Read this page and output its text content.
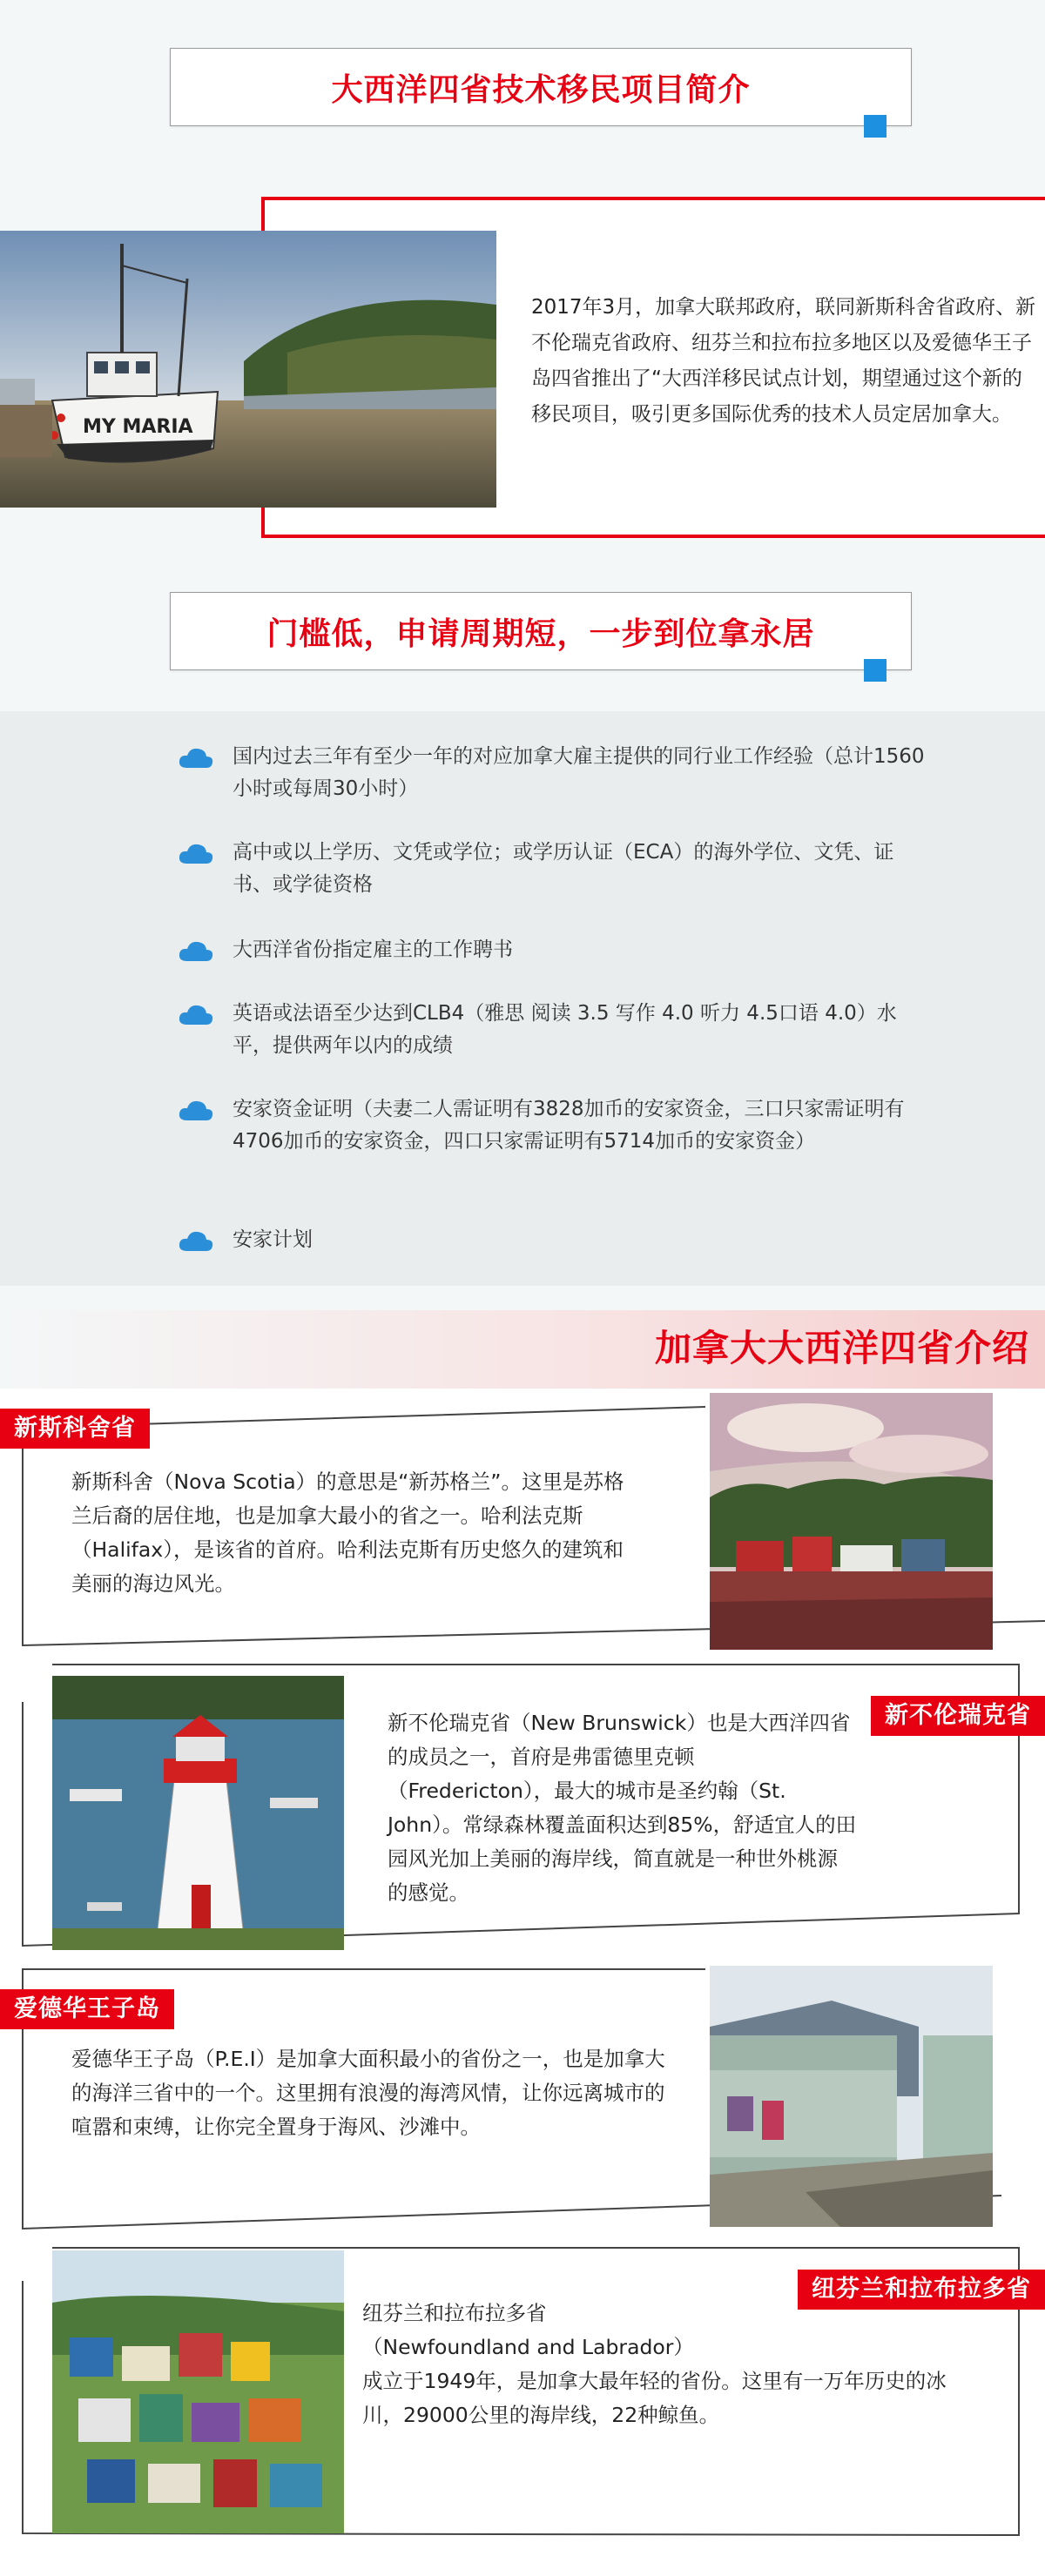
大西洋四省技术移民项目简介
MY MARIA
2017年3月，加拿大联邦政府，联同新斯科舍省政府、新不伦瑞克省政府、纽芬兰和拉布拉多地区以及爱德华王子岛四省推出了“大西洋移民试点计划，期望通过这个新的移民项目，吸引更多国际优秀的技术人员定居加拿大。
门槛低，申请周期短，一步到位拿永居
国内过去三年有至少一年的对应加拿大雇主提供的同行业工作经验（总计1560小时或每周30小时）
高中或以上学历、文凭或学位；或学历认证（ECA）的海外学位、文凭、证书、或学徒资格
大西洋省份指定雇主的工作聘书
英语或法语至少达到CLB4（雅思 阅读 3.5 写作 4.0 听力 4.5口语 4.0）水平，提供两年以内的成绩
安家资金证明（夫妻二人需证明有3828加币的安家资金，三口只家需证明有4706加币的安家资金，四口只家需证明有5714加币的安家资金）
安家计划
加拿大大西洋四省介绍
新斯科舍省
新斯科舍（Nova Scotia）的意思是“新苏格兰”。这里是苏格兰后裔的居住地，也是加拿大最小的省之一。哈利法克斯（Halifax），是该省的首府。哈利法克斯有历史悠久的建筑和美丽的海边风光。
新不伦瑞克省
新不伦瑞克省（New Brunswick）也是大西洋四省的成员之一，首府是弗雷德里克顿（Fredericton），最大的城市是圣约翰（St. John）。常绿森林覆盖面积达到85%，舒适宜人的田园风光加上美丽的海岸线，简直就是一种世外桃源的感觉。
爱德华王子岛
爱德华王子岛（P.E.I）是加拿大面积最小的省份之一，也是加拿大的海洋三省中的一个。这里拥有浪漫的海湾风情，让你远离城市的喧嚣和束缚，让你完全置身于海风、沙滩中。
纽芬兰和拉布拉多省
纽芬兰和拉布拉多省
（Newfoundland and Labrador）
成立于1949年，是加拿大最年轻的省份。这里有一万年历史的冰川，29000公里的海岸线，22种鲸鱼。
